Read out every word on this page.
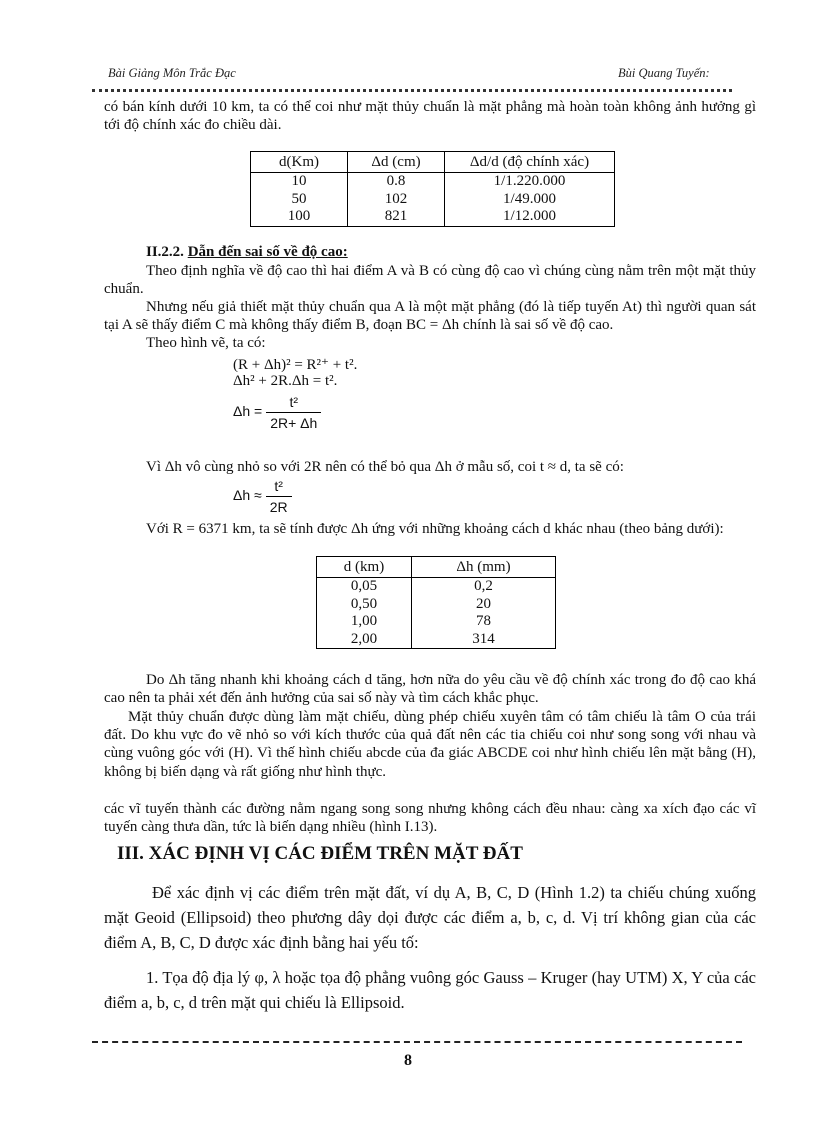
Bài Giảng Môn Trắc Đạc	Bùi Quang Tuyến:
có bán kính dưới 10 km, ta có thể coi như mặt thủy chuẩn là mặt phẳng mà hoàn toàn không ảnh hưởng gì tới độ chính xác đo chiều dài.
d(Km)	Δd (cm)	Δd/d (độ chính xác)
10	0.8	1/1.220.000
50	102	1/49.000
100	821	1/12.000
II.2.2. Dẫn đến sai số về độ cao:
Theo định nghĩa về độ cao thì hai điểm A và B có cùng độ cao vì chúng cùng nằm trên một mặt thủy chuẩn.
Nhưng nếu giả thiết mặt thủy chuẩn qua A là một mặt phẳng (đó là tiếp tuyến At) thì người quan sát tại A sẽ thấy điểm C mà không thấy điểm B, đoạn BC = Δh chính là sai số về độ cao.
Theo hình vẽ, ta có:
(R + Δh)² = R²⁺ + t².
Δh² + 2R.Δh = t².
$\Delta h = \frac{\text{t²}}{2R+ \Delta h}$
Vì Δh vô cùng nhỏ so với 2R nên có thể bỏ qua Δh ở mẫu số, coi t ≈ d, ta sẽ có:
$\Delta h \approx \frac{\text{t²}}{2R}$
Với R = 6371 km, ta sẽ tính được Δh ứng với những khoảng cách d khác nhau (theo bảng dưới):
d (km)	Δh (mm)
0,05	0,2
0,50	20
1,00	78
2,00	314
Do Δh tăng nhanh khi khoảng cách d tăng, hơn nữa do yêu cầu về độ chính xác trong đo độ cao khá cao nên ta phải xét đến ảnh hưởng của sai số này và tìm cách khắc phục.
Mặt thủy chuẩn được dùng làm mặt chiếu, dùng phép chiếu xuyên tâm có tâm chiếu là tâm O của trái đất. Do khu vực đo vẽ nhỏ so với kích thước của quả đất nên các tia chiếu coi như song song với nhau và cùng vuông góc với (H). Vì thế hình chiếu abcde của đa giác ABCDE coi như hình chiếu lên mặt bằng (H), không bị biến dạng và rất giống như hình thực.
các vĩ tuyến thành các đường nằm ngang song song nhưng không cách đều nhau: càng xa xích đạo các vĩ tuyến càng thưa dần, tức là biến dạng nhiều (hình I.13).
III. XÁC ĐỊNH VỊ CÁC ĐIỂM TRÊN MẶT ĐẤT
Để xác định vị các điểm trên mặt đất, ví dụ A, B, C, D (Hình 1.2) ta chiếu chúng xuống mặt Geoid (Ellipsoid) theo phương dây dọi được các điểm a, b, c, d. Vị trí không gian của các điểm A, B, C, D được xác định bằng hai yếu tố:
1. Tọa độ địa lý φ, λ hoặc tọa độ phẳng vuông góc Gauss – Kruger (hay UTM) X, Y của các điểm a, b, c, d trên mặt qui chiếu là Ellipsoid.
8
